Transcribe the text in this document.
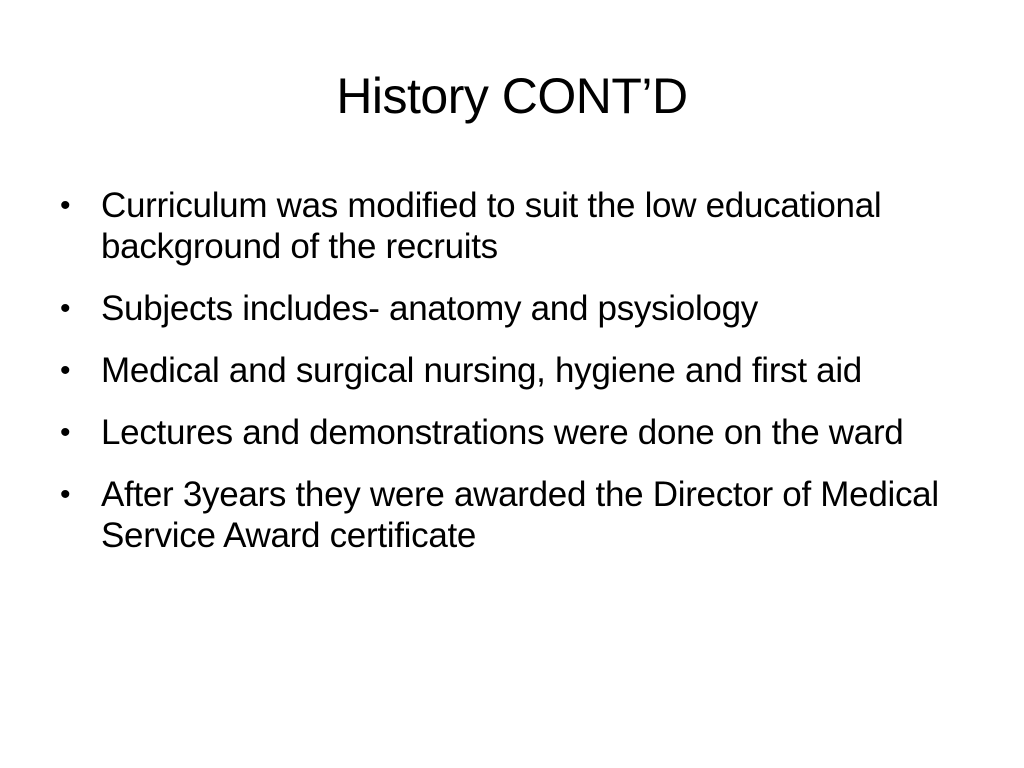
History CONT’D
• Curriculum was modified to suit the low educational background of the recruits
• Subjects includes- anatomy and psysiology
• Medical and surgical nursing, hygiene and first aid
• Lectures and demonstrations were done on the ward
• After 3years they were awarded the Director of Medical Service Award certificate
